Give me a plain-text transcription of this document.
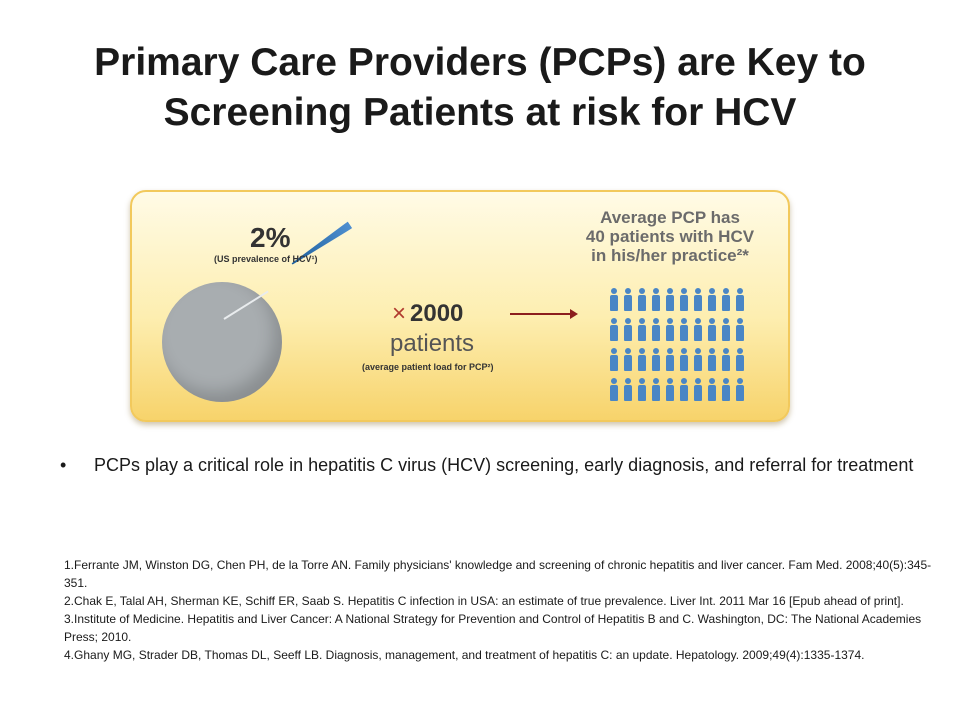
Primary Care Providers (PCPs) are Key to
Screening Patients at risk for HCV
2%
(US prevalence of HCV¹)
× 2000
patients
(average patient load for PCP²)
Average PCP has
40 patients with HCV
in his/her practice²*
• PCPs play a critical role in hepatitis C virus (HCV) screening, early diagnosis, and referral for treatment

1.Ferrante JM, Winston DG, Chen PH, de la Torre AN. Family physicians' knowledge and screening of chronic hepatitis and liver cancer. Fam Med. 2008;40(5):345-351.

2.Chak E, Talal AH, Sherman KE, Schiff ER, Saab S. Hepatitis C infection in USA: an estimate of true prevalence. Liver Int. 2011 Mar 16 [Epub ahead of print].

3.Institute of Medicine. Hepatitis and Liver Cancer: A National Strategy for Prevention and Control of Hepatitis B and C. Washington, DC: The National Academies Press; 2010.

4.Ghany MG, Strader DB, Thomas DL, Seeff LB. Diagnosis, management, and treatment of hepatitis C: an update. Hepatology. 2009;49(4):1335-1374.
